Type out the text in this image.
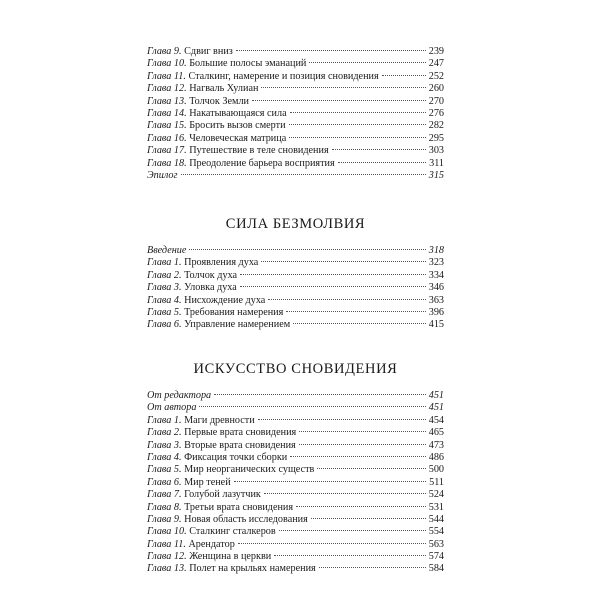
Глава 9. Сдвиг вниз	239
Глава 10. Большие полосы эманаций	247
Глава 11. Сталкинг, намерение и позиция сновидения	252
Глава 12. Нагваль Хулиан	260
Глава 13. Толчок Земли	270
Глава 14. Накатывающаяся сила	276
Глава 15. Бросить вызов смерти	282
Глава 16. Человеческая матрица	295
Глава 17. Путешествие в теле сновидения	303
Глава 18. Преодоление барьера восприятия	311
Эпилог	315
СИЛА БЕЗМОЛВИЯ
Введение	318
Глава 1. Проявления духа	323
Глава 2. Толчок духа	334
Глава 3. Уловка духа	346
Глава 4. Нисхождение духа	363
Глава 5. Требования намерения	396
Глава 6. Управление намерением	415
ИСКУССТВО СНОВИДЕНИЯ
От редактора	451
От автора	451
Глава 1. Маги древности	454
Глава 2. Первые врата сновидения	465
Глава 3. Вторые врата сновидения	473
Глава 4. Фиксация точки сборки	486
Глава 5. Мир неорганических существ	500
Глава 6. Мир теней	511
Глава 7. Голубой лазутчик	524
Глава 8. Третьи врата сновидения	531
Глава 9. Новая область исследования	544
Глава 10. Сталкинг сталкеров	554
Глава 11. Арендатор	563
Глава 12. Женщина в церкви	574
Глава 13. Полет на крыльях намерения	584
